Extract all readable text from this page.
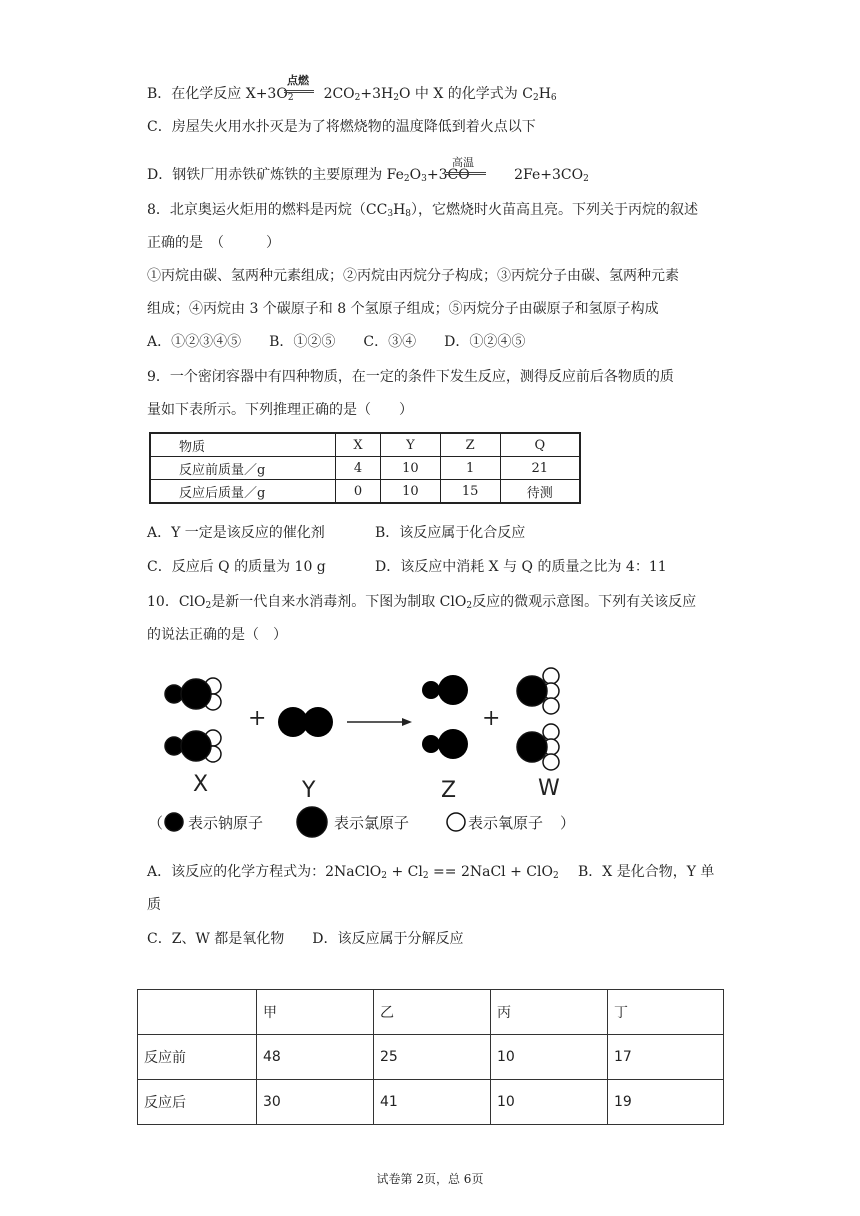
B．在化学反应 $X+3O_2$ $2CO_2+3H_2O$ 中 X 的化学式为 $C_2H_6$
点燃
C．房屋失火用水扑灭是为了将燃烧物的温度降低到着火点以下
D．钢铁厂用赤铁矿炼铁的主要原理为 $Fe_2O_3+3CO$	$2Fe+3CO_2$
高温
8．北京奥运火炬用的燃料是丙烷$(CC_3H_8)$，它燃烧时火苗高且亮。下列关于丙烷的叙述
正确的是　（　　　）
①丙烷由碳、氢两种元素组成；②丙烷由丙烷分子构成；③丙烷分子由碳、氢两种元素
组成；④丙烷由 3 个碳原子和 8 个氢原子组成；⑤丙烷分子由碳原子和氢原子构成
A．①②③④⑤　　B．①②⑤　　C．③④　　D．①②④⑤
9．一个密闭容器中有四种物质，在一定的条件下发生反应，测得反应前后各物质的质
量如下表所示。下列推理正确的是（　　）
物质	X	Y	Z	Q
反应前质量／g	4	10	1	21
反应后质量／g	0	10	15	待测
A．Y 一定是该反应的催化剂	B．该反应属于化合反应
C．反应后 Q 的质量为 10 g	D．该反应中消耗 X 与 Q 的质量之比为 4：11
10．ClO$_2$是新一代自来水消毒剂。下图为制取 ClO$_2$反应的微观示意图。下列有关该反应
的说法正确的是（　）
+	+
X	Y	Z	W
（ 表示钠原子	表示氯原子	表示氧原子 ）
A．该反应的化学方程式为：2NaClO$_2$ + $Cl_2$ == 2NaCl + ClO$_2$ B．X 是化合物，Y 单
质
C．Z、W 都是氧化物　　D．该反应属于分解反应
	甲	乙	丙	丁
反应前	48	25	10	17
反应后	30	41	10	19
试卷第 2页，总 6页
